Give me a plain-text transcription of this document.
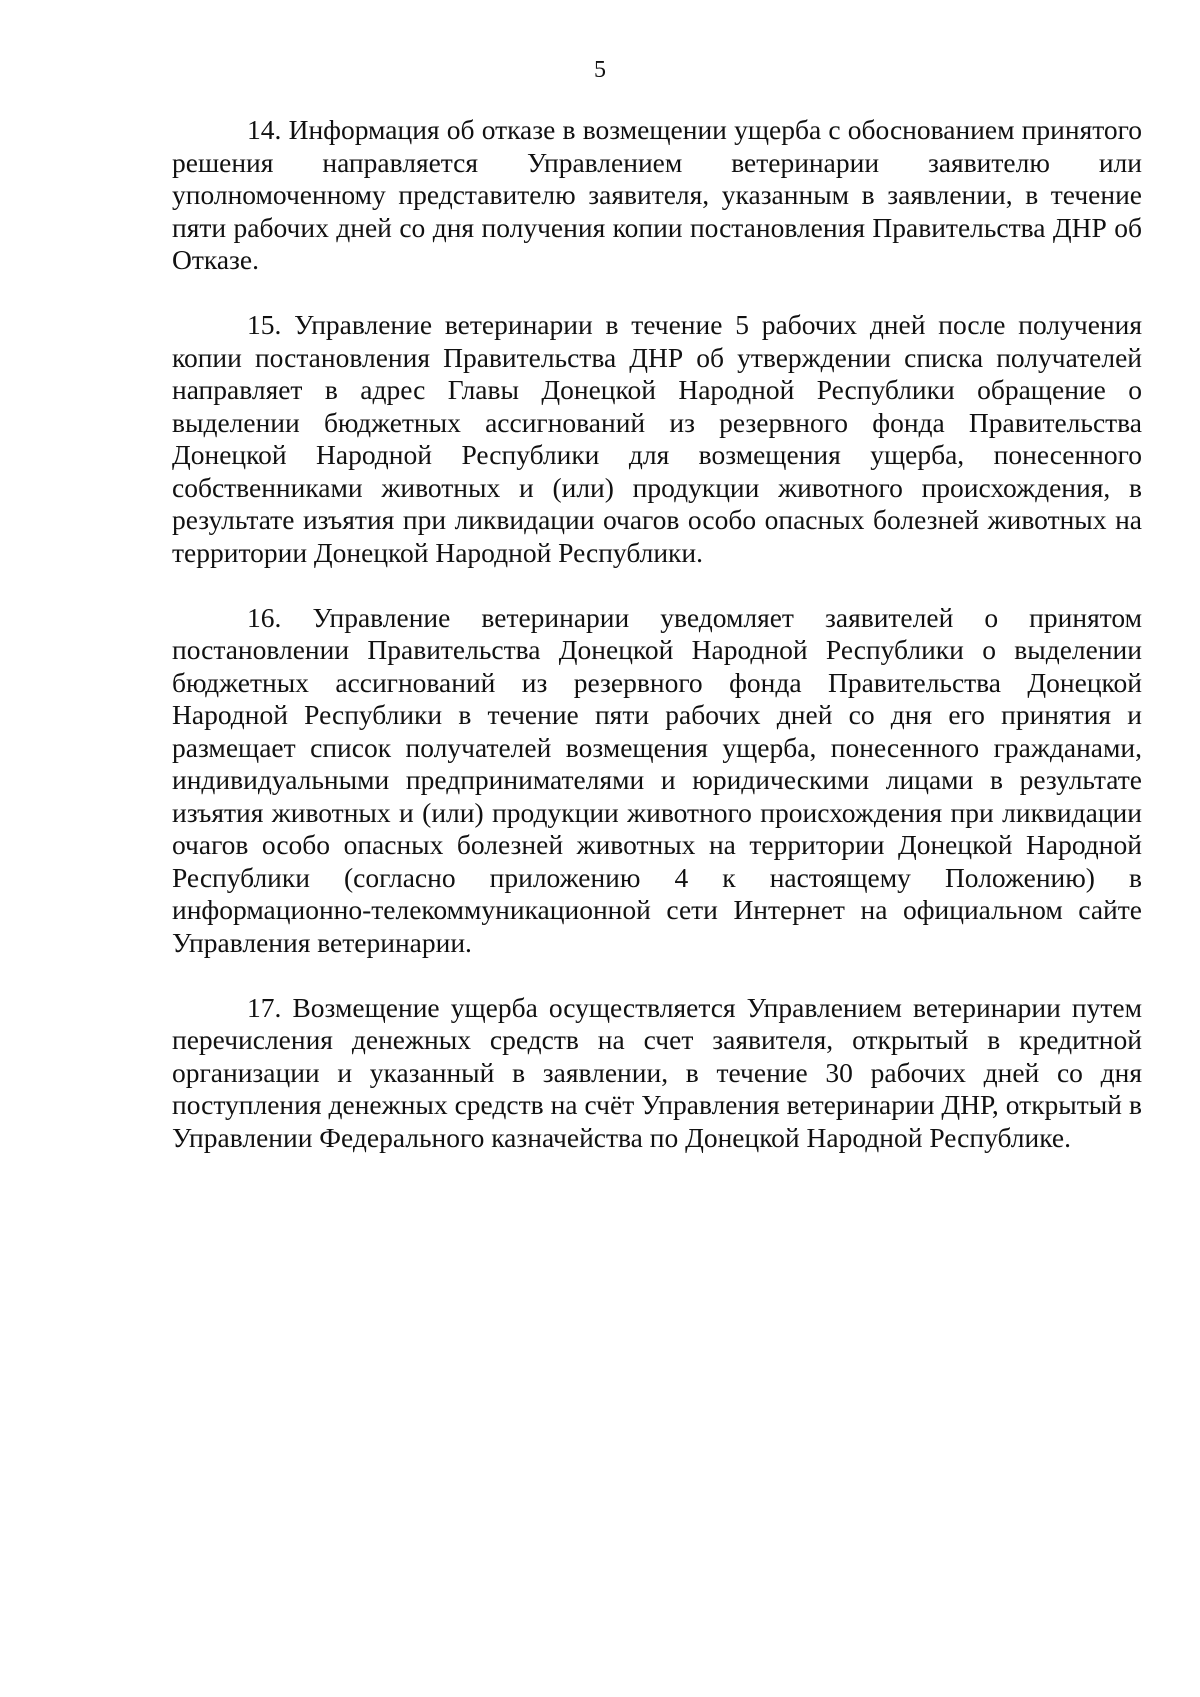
5

14. Информация об отказе в возмещении ущерба с обоснованием принятого решения направляется Управлением ветеринарии заявителю или уполномоченному представителю заявителя, указанным в заявлении, в течение пяти рабочих дней со дня получения копии постановления Правительства ДНР об Отказе.

15. Управление ветеринарии в течение 5 рабочих дней после получения копии постановления Правительства ДНР об утверждении списка получателей направляет в адрес Главы Донецкой Народной Республики обращение о выделении бюджетных ассигнований из резервного фонда Правительства Донецкой Народной Республики для возмещения ущерба, понесенного собственниками животных и (или) продукции животного происхождения, в результате изъятия при ликвидации очагов особо опасных болезней животных на территории Донецкой Народной Республики.

16. Управление ветеринарии уведомляет заявителей о принятом постановлении Правительства Донецкой Народной Республики о выделении бюджетных ассигнований из резервного фонда Правительства Донецкой Народной Республики в течение пяти рабочих дней со дня его принятия и размещает список получателей возмещения ущерба, понесенного гражданами, индивидуальными предпринимателями и юридическими лицами в результате изъятия животных и (или) продукции животного происхождения при ликвидации очагов особо опасных болезней животных на территории Донецкой Народной Республики (согласно приложению 4 к настоящему Положению) в информационно-телекоммуникационной сети Интернет на официальном сайте Управления ветеринарии.

17. Возмещение ущерба осуществляется Управлением ветеринарии путем перечисления денежных средств на счет заявителя, открытый в кредитной организации и указанный в заявлении, в течение 30 рабочих дней со дня поступления денежных средств на счёт Управления ветеринарии ДНР, открытый в Управлении Федерального казначейства по Донецкой Народной Республике.
